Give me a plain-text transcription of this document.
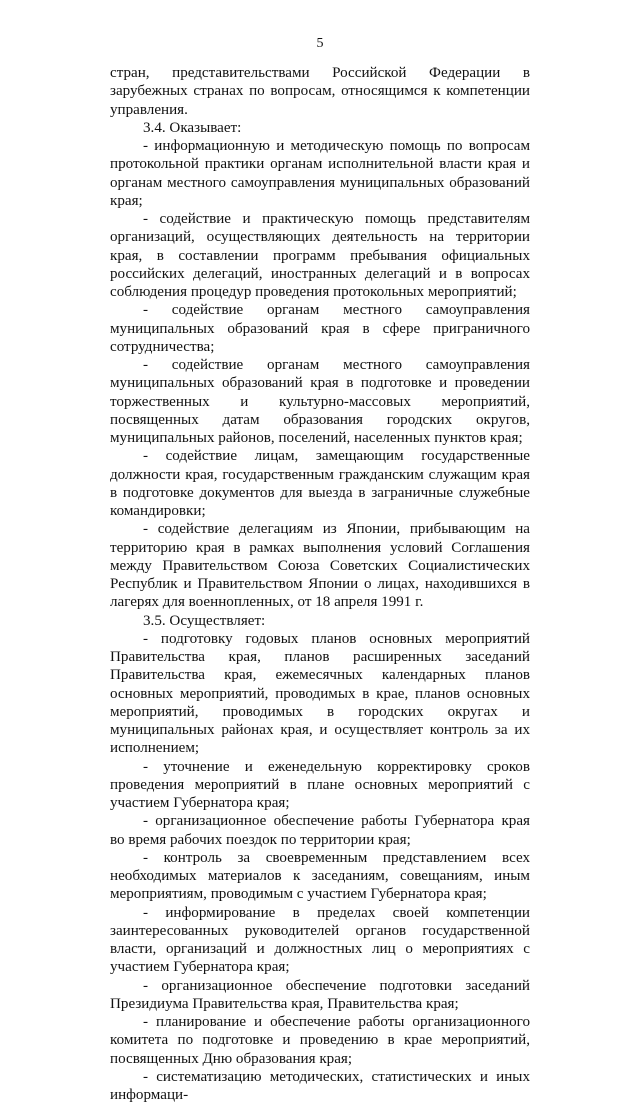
5

стран, представительствами Российской Федерации в зарубежных странах по вопросам, относящимся к компетенции управления.

3.4. Оказывает:

- информационную и методическую помощь по вопросам протокольной практики органам исполнительной власти края и органам местного самоуправления муниципальных образований края;

- содействие и практическую помощь представителям организаций, осуществляющих деятельность на территории края, в составлении программ пребывания официальных российских делегаций, иностранных делегаций и в вопросах соблюдения процедур проведения протокольных мероприятий;

- содействие органам местного самоуправления муниципальных образований края в сфере приграничного сотрудничества;

- содействие органам местного самоуправления муниципальных образований края в подготовке и проведении торжественных и культурно-массовых мероприятий, посвященных датам образования городских округов, муниципальных районов, поселений, населенных пунктов края;

- содействие лицам, замещающим государственные должности края, государственным гражданским служащим края в подготовке документов для выезда в заграничные служебные командировки;

- содействие делегациям из Японии, прибывающим на территорию края в рамках выполнения условий Соглашения между Правительством Союза Советских Социалистических Республик и Правительством Японии о лицах, находившихся в лагерях для военнопленных, от 18 апреля 1991 г.

3.5. Осуществляет:

- подготовку годовых планов основных мероприятий Правительства края, планов расширенных заседаний Правительства края, ежемесячных календарных планов основных мероприятий, проводимых в крае, планов основных мероприятий, проводимых в городских округах и муниципальных районах края, и осуществляет контроль за их исполнением;

- уточнение и еженедельную корректировку сроков проведения мероприятий в плане основных мероприятий с участием Губернатора края;

- организационное обеспечение работы Губернатора края во время рабочих поездок по территории края;

- контроль за своевременным представлением всех необходимых материалов к заседаниям, совещаниям, иным мероприятиям, проводимым с участием Губернатора края;

- информирование в пределах своей компетенции заинтересованных руководителей органов государственной власти, организаций и должностных лиц о мероприятиях с участием Губернатора края;

- организационное обеспечение подготовки заседаний Президиума Правительства края, Правительства края;

- планирование и обеспечение работы организационного комитета по подготовке и проведению в крае мероприятий, посвященных Дню образования края;

- систематизацию методических, статистических и иных информаци-
